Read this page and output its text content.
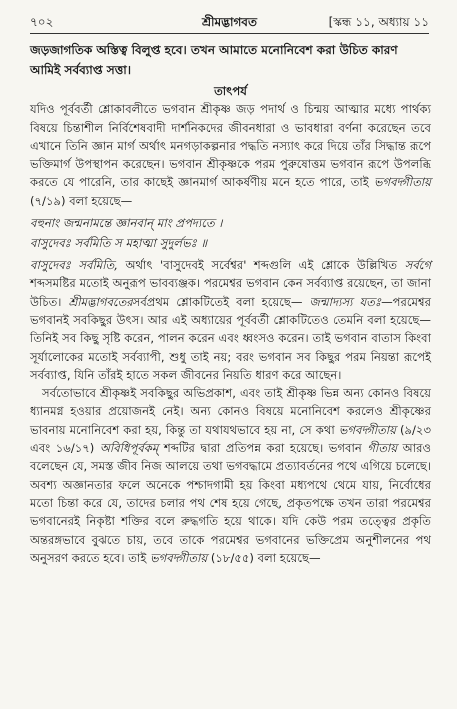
৭০২	শ্রীমদ্ভাগবত	[স্কন্ধ ১১, অধ্যায় ১১

জড়জাগতিক অস্তিত্ব বিলুপ্ত হবে। তখন আমাতে মনোনিবেশ করা উচিত কারণ আমিই সর্বব্যাপ্ত সত্তা।

তাৎপর্য

যদিও পূর্ববর্তী শ্লোকাবলীতে ভগবান শ্রীকৃষ্ণ জড় পদার্থ ও চিন্ময় আত্মার মধ্যে পার্থক্য বিষয়ে চিন্তাশীল নির্বিশেষবাদী দার্শনিকদের জীবনধারা ও ভাবধারা বর্ণনা করেছেন তবে এখানে তিনি জ্ঞান মার্গ অর্থাৎ মনগড়াকল্পনার পদ্ধতি নস্যাৎ করে দিয়ে তাঁর সিদ্ধান্ত রূপে ভক্তিমার্গ উপস্থাপন করেছেন। ভগবান শ্রীকৃষ্ণকে পরম পুরুষোত্তম ভগবান রূপে উপলব্ধি করতে যে পারেনি, তার কাছেই জ্ঞানমার্গ আকর্ষণীয় মনে হতে পারে, তাই ভগবদ্গীতায় (৭/১৯) বলা হয়েছে—

বহুনাং জন্মনামন্তে জ্ঞানবান্ মাং প্রপদ্যতে ।
বাসুদেবঃ সর্বমিতি স মহাত্মা সুদুর্লভঃ ॥

বাসুদেবঃ সর্বমিতি, অর্থাৎ 'বাসুদেবই সর্বেশ্বর' শব্দগুলি এই শ্লোকে উল্লিখিত সর্বগে শব্দসমষ্টির মতোই অনুরূপ ভাবব্যঞ্জক। পরমেশ্বর ভগবান কেন সর্বব্যাপ্ত রয়েছেন, তা জানা উচিত। শ্রীমদ্ভাগবতেরসর্বপ্রথম শ্লোকটিতেই বলা হয়েছে— জন্মাদ্যস্য যতঃ—পরমেশ্বর ভগবানই সবকিছুর উৎস। আর এই অধ্যায়ের পূর্ববর্তী শ্লোকটিতেও তেমনি বলা হয়েছে—তিনিই সব কিছু সৃষ্টি করেন, পালন করেন এবং ধ্বংসও করেন। তাই ভগবান বাতাস কিংবা সূর্যালোকের মতোই সর্বব্যাপী, শুধু তাই নয়; বরং ভগবান সব কিছুর পরম নিয়ন্তা রূপেই সর্বব্যাপ্ত, যিনি তাঁরই হাতে সকল জীবনের নিয়তি ধারণ করে আছেন।

সর্বতোভাবে শ্রীকৃষ্ণই সবকিছুর অভিপ্রকাশ, এবং তাই শ্রীকৃষ্ণ ভিন্ন অন্য কোনও বিষয়ে ধ্যানমগ্ন হওয়ার প্রয়োজনই নেই। অন্য কোনও বিষয়ে মনোনিবেশ করলেও শ্রীকৃষ্ণের ভাবনায় মনোনিবেশ করা হয়, কিন্তু তা যথাযথভাবে হয় না, সে কথা ভগবদ্গীতায় (৯/২৩ এবং ১৬/১৭) অবিধিপূর্বকম্ শব্দটির দ্বারা প্রতিপন্ন করা হয়েছে। ভগবান গীতায় আরও বলেছেন যে, সমস্ত জীব নিজ আলয়ে তথা ভগবদ্ধামে প্রত্যাবর্তনের পথে এগিয়ে চলেছে। অবশ্য অজ্ঞানতার ফলে অনেকে পশ্চাদগামী হয় কিংবা মধ্যপথে থেমে যায়, নির্বোধের মতো চিন্তা করে যে, তাদের চলার পথ শেষ হয়ে গেছে, প্রকৃতপক্ষে তখন তারা পরমেশ্বর ভগবানেরই নিকৃষ্টা শক্তির বলে রুদ্ধগতি হয়ে থাকে। যদি কেউ পরম তত্ত্বের প্রকৃতি অন্তরঙ্গভাবে বুঝতে চায়, তবে তাকে পরমেশ্বর ভগবানের ভক্তিপ্রেম অনুশীলনের পথ অনুসরণ করতে হবে। তাই ভগবদ্গীতায় (১৮/৫৫) বলা হয়েছে—
